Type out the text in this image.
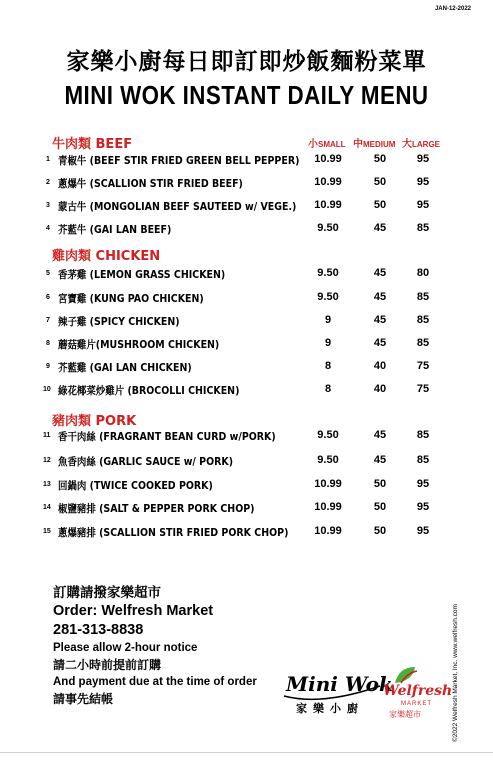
JAN-12-2022
家樂小廚每日即訂即炒飯麵粉菜單
MINI WOK INSTANT DAILY MENU
小SMALL 中MEDIUM 大LARGE
牛肉類 BEEF
1 青椒牛 (BEEF STIR FRIED GREEN BELL PEPPER)	10.99	50	95
2 蔥爆牛 (SCALLION STIR FRIED BEEF)	10.99	50	95
3 蒙古牛 (MONGOLIAN BEEF SAUTEED w/ VEGE.)	10.99	50	95
4 芥藍牛 (GAI LAN BEEF)	9.50	45	85
雞肉類 CHICKEN
5 香茅雞 (LEMON GRASS CHICKEN)	9.50	45	80
6 宮寶雞 (KUNG PAO CHICKEN)	9.50	45	85
7 辣子雞 (SPICY CHICKEN)	9	45	85
8 蘑菇雞片(MUSHROOM CHICKEN)	9	45	85
9 芥藍雞 (GAI LAN CHICKEN)	8	40	75
10 綠花椰菜炒雞片 (BROCOLLI CHICKEN)	8	40	75
豬肉類 PORK
11 香干肉絲 (FRAGRANT BEAN CURD w/PORK)	9.50	45	85
12 魚香肉絲 (GARLIC SAUCE w/ PORK)	9.50	45	85
13 回鍋肉 (TWICE COOKED PORK)	10.99	50	95
14 椒鹽豬排 (SALT & PEPPER PORK CHOP)	10.99	50	95
15 蔥爆豬排 (SCALLION STIR FRIED PORK CHOP)	10.99	50	95
訂購請撥家樂超市
Order: Welfresh Market
281-313-8838
Please allow 2-hour notice
請二小時前提前訂購
And payment due at the time of order
請事先結帳
Mini Wok
家樂小廚
Welfresh
MARKET
家樂超市	©2022 Welfresh Market, Inc. www.welfresh.com
